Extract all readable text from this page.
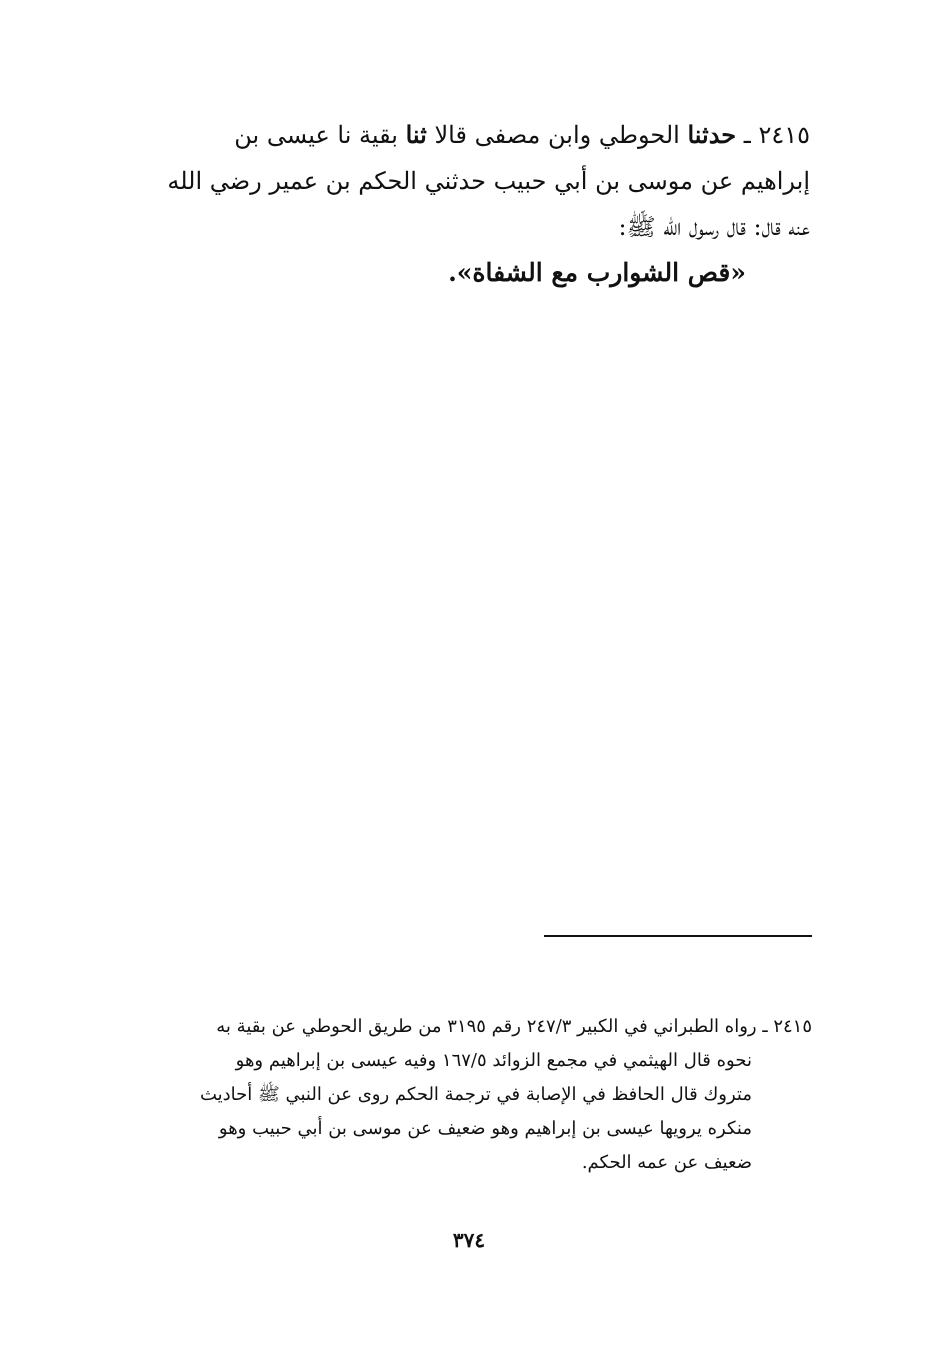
٢٤١٥ ـ حدثنا الحوطي وابن مصفى قالا ثنا بقية نا عيسى بن
إبراهيم عن موسى بن أبي حبيب حدثني الحكم بن عمير رضي الله
عنه قال: قال رسول الله ﷺ:
«قص الشوارب مع الشفاة».
٢٤١٥ ـ رواه الطبراني في الكبير ٢٤٧/٣ رقم ٣١٩٥ من طريق الحوطي عن بقية به
نحوه قال الهيثمي في مجمع الزوائد ١٦٧/٥ وفيه عيسى بن إبراهيم وهو
متروك قال الحافظ في الإصابة في ترجمة الحكم روى عن النبي ﷺ أحاديث
منكره يرويها عيسى بن إبراهيم وهو ضعيف عن موسى بن أبي حبيب وهو
ضعيف عن عمه الحكم.
٣٧٤
